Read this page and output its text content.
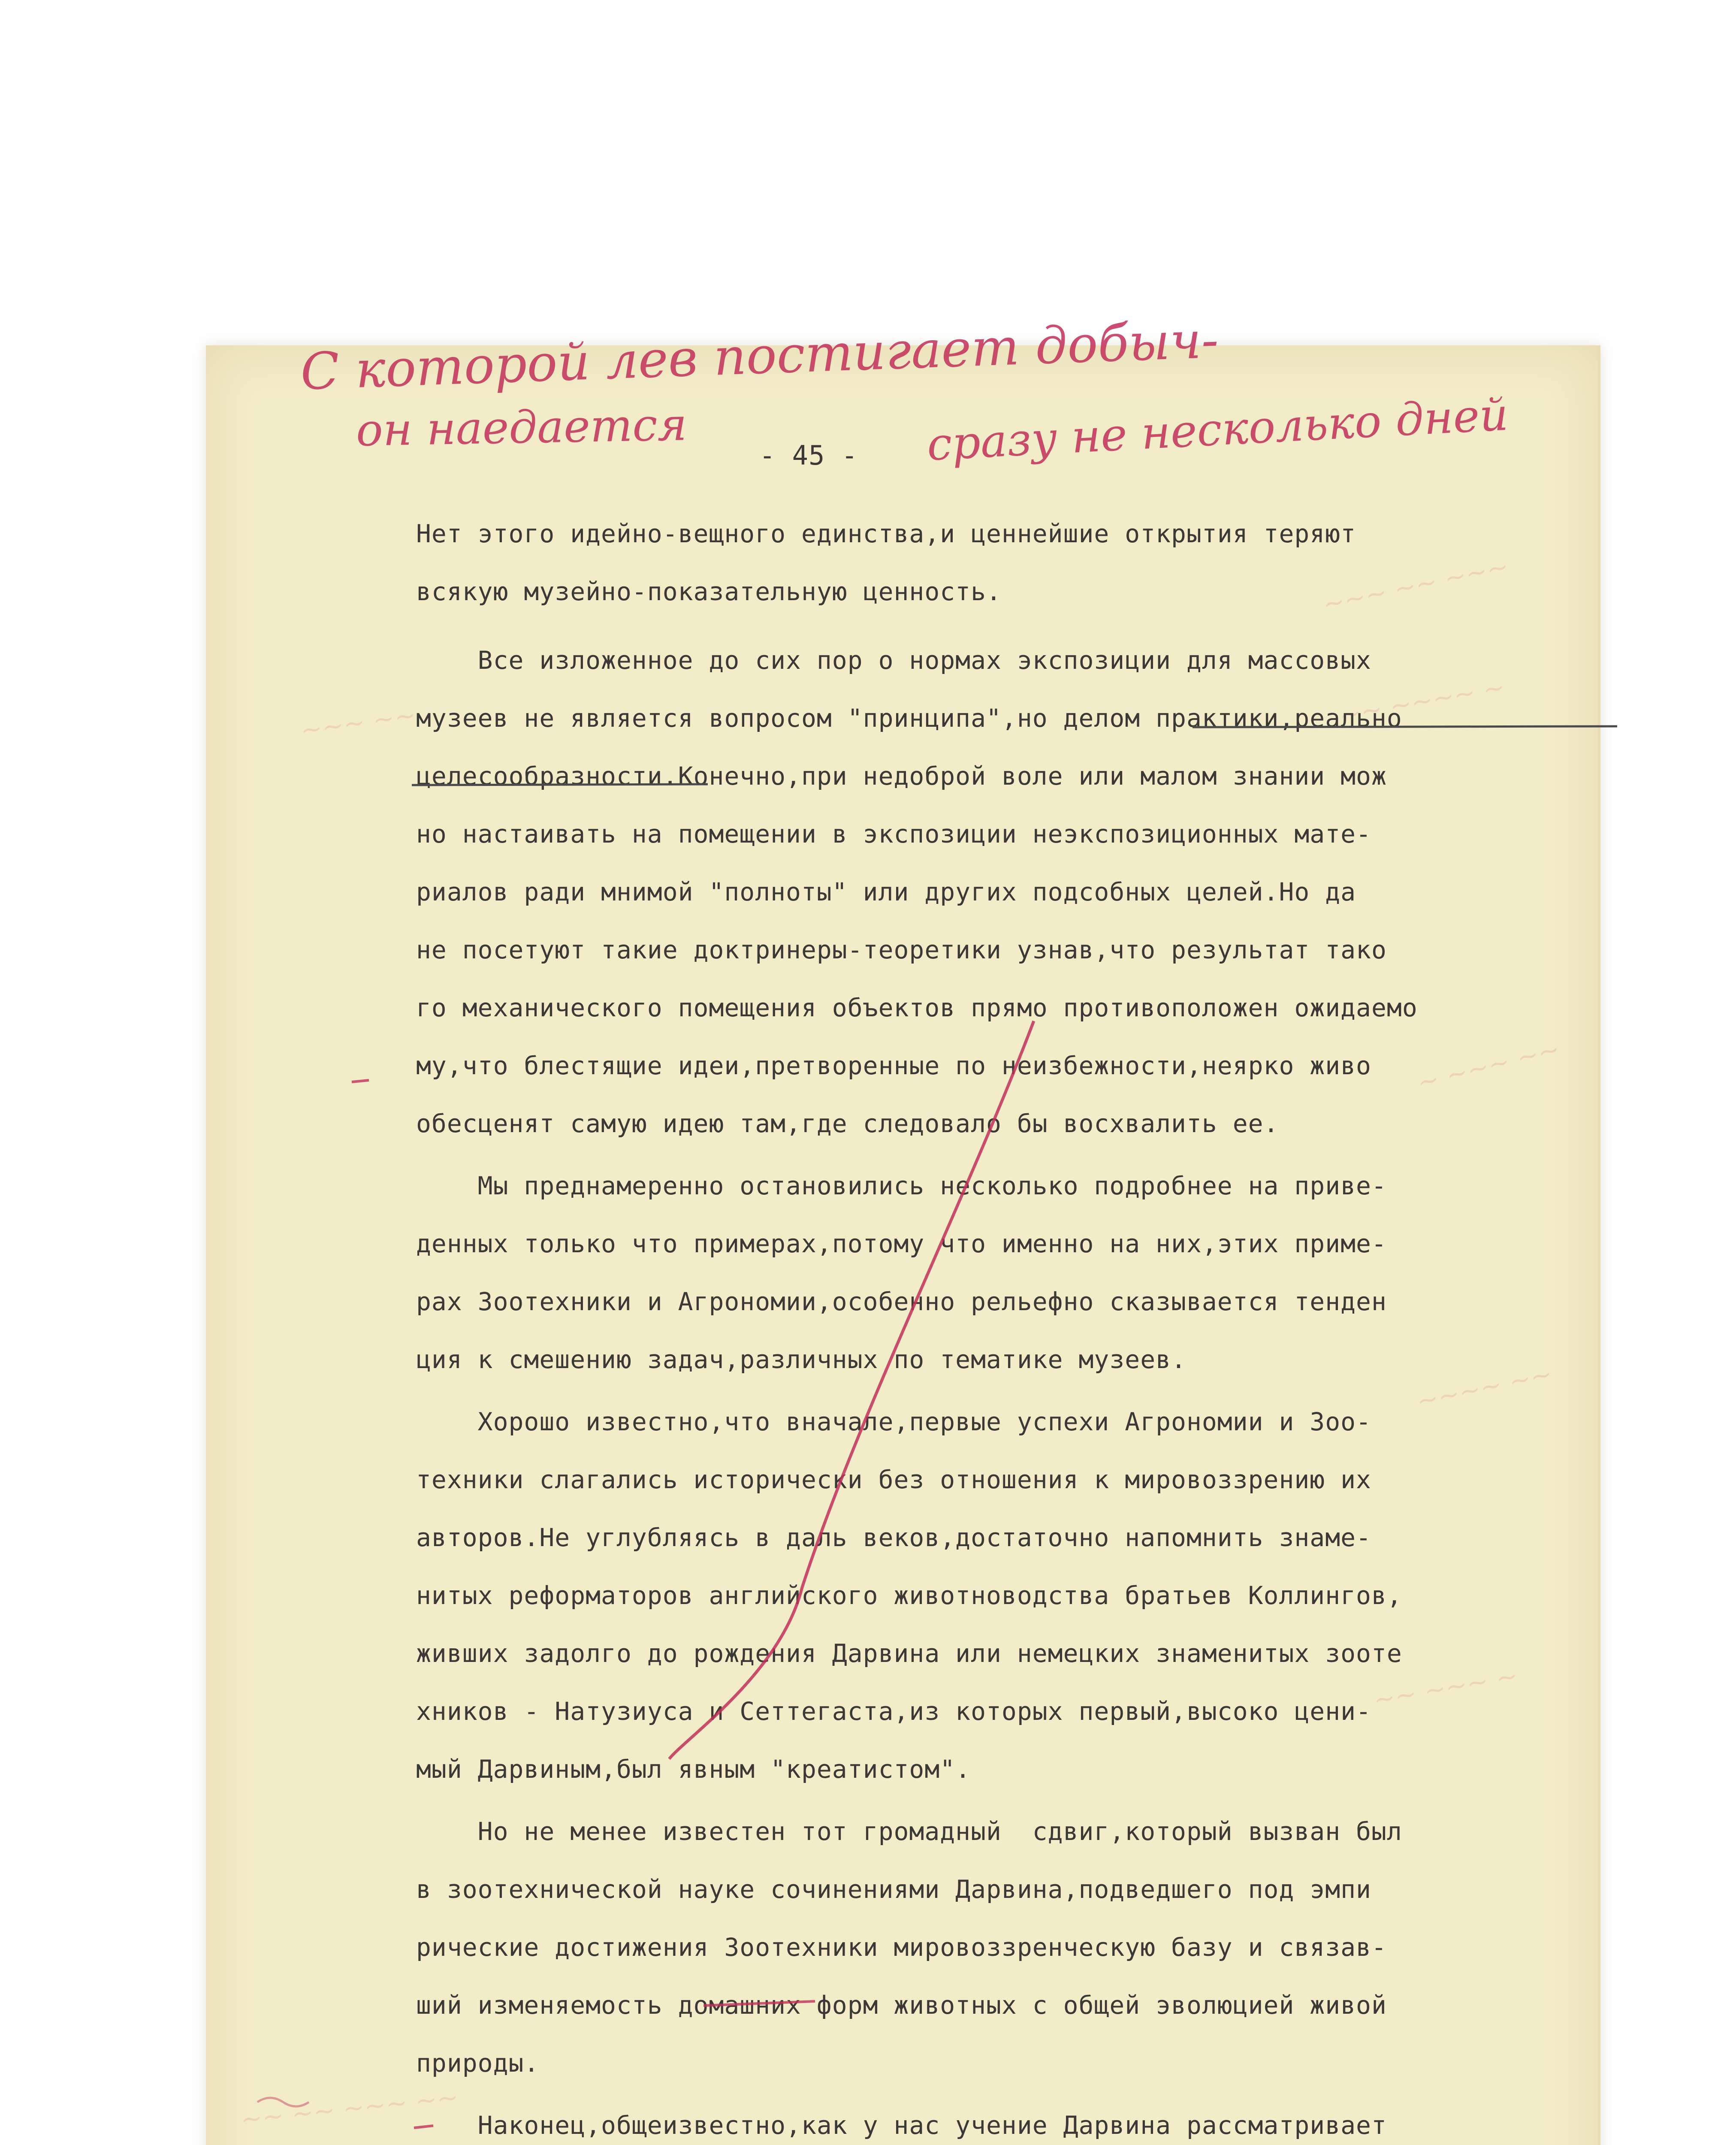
- 45 -
Нет этого идейно-вещного единства,и ценнейшие открытия теряют
всякую музейно-показательную ценность.
Все изложенное до сих пор о нормах экспозиции для массовых
музеев не является вопросом "принципа",но делом практики,реально
целесообразности.Конечно,при недоброй воле или малом знании мож
но настаивать на помещении в экспозиции неэкспозиционных мате-
риалов ради мнимой "полноты" или других подсобных целей.Но да
не посетуют такие доктринеры-теоретики узнав,что результат тако
го механического помещения объектов прямо противоположен ожидаемо
му,что блестящие идеи,претворенные по неизбежности,неярко живо
обесценят самую идею там,где следовало бы восхвалить ее.
Мы преднамеренно остановились несколько подробнее на приве-
денных только что примерах,потому что именно на них,этих приме-
рах Зоотехники и Агрономии,особенно рельефно сказывается тенден
ция к смешению задач,различных по тематике музеев.
Хорошо известно,что вначале,первые успехи Агрономии и Зоо-
техники слагались исторически без отношения к мировоззрению их
авторов.Не углубляясь в даль веков,достаточно напомнить знаме-
нитых реформаторов английского животноводства братьев Коллингов,
живших задолго до рождения Дарвина или немецких знаменитых зооте
хников - Натузиуса и Сеттегаста,из которых первый,высоко цени-
мый Дарвиным,был явным "креатистом".
Но не менее известен тот громадный  сдвиг,который вызван был
в зоотехнической науке сочинениями Дарвина,подведшего под эмпи
рические достижения Зоотехники мировоззренческую базу и связав-
ший изменяемость домашних форм животных с общей эволюцией живой
природы.
Наконец,общеизвестно,как у нас учение Дарвина рассматривает
С которой лев постигает добыч-
он наедается	сразу не несколько дней
